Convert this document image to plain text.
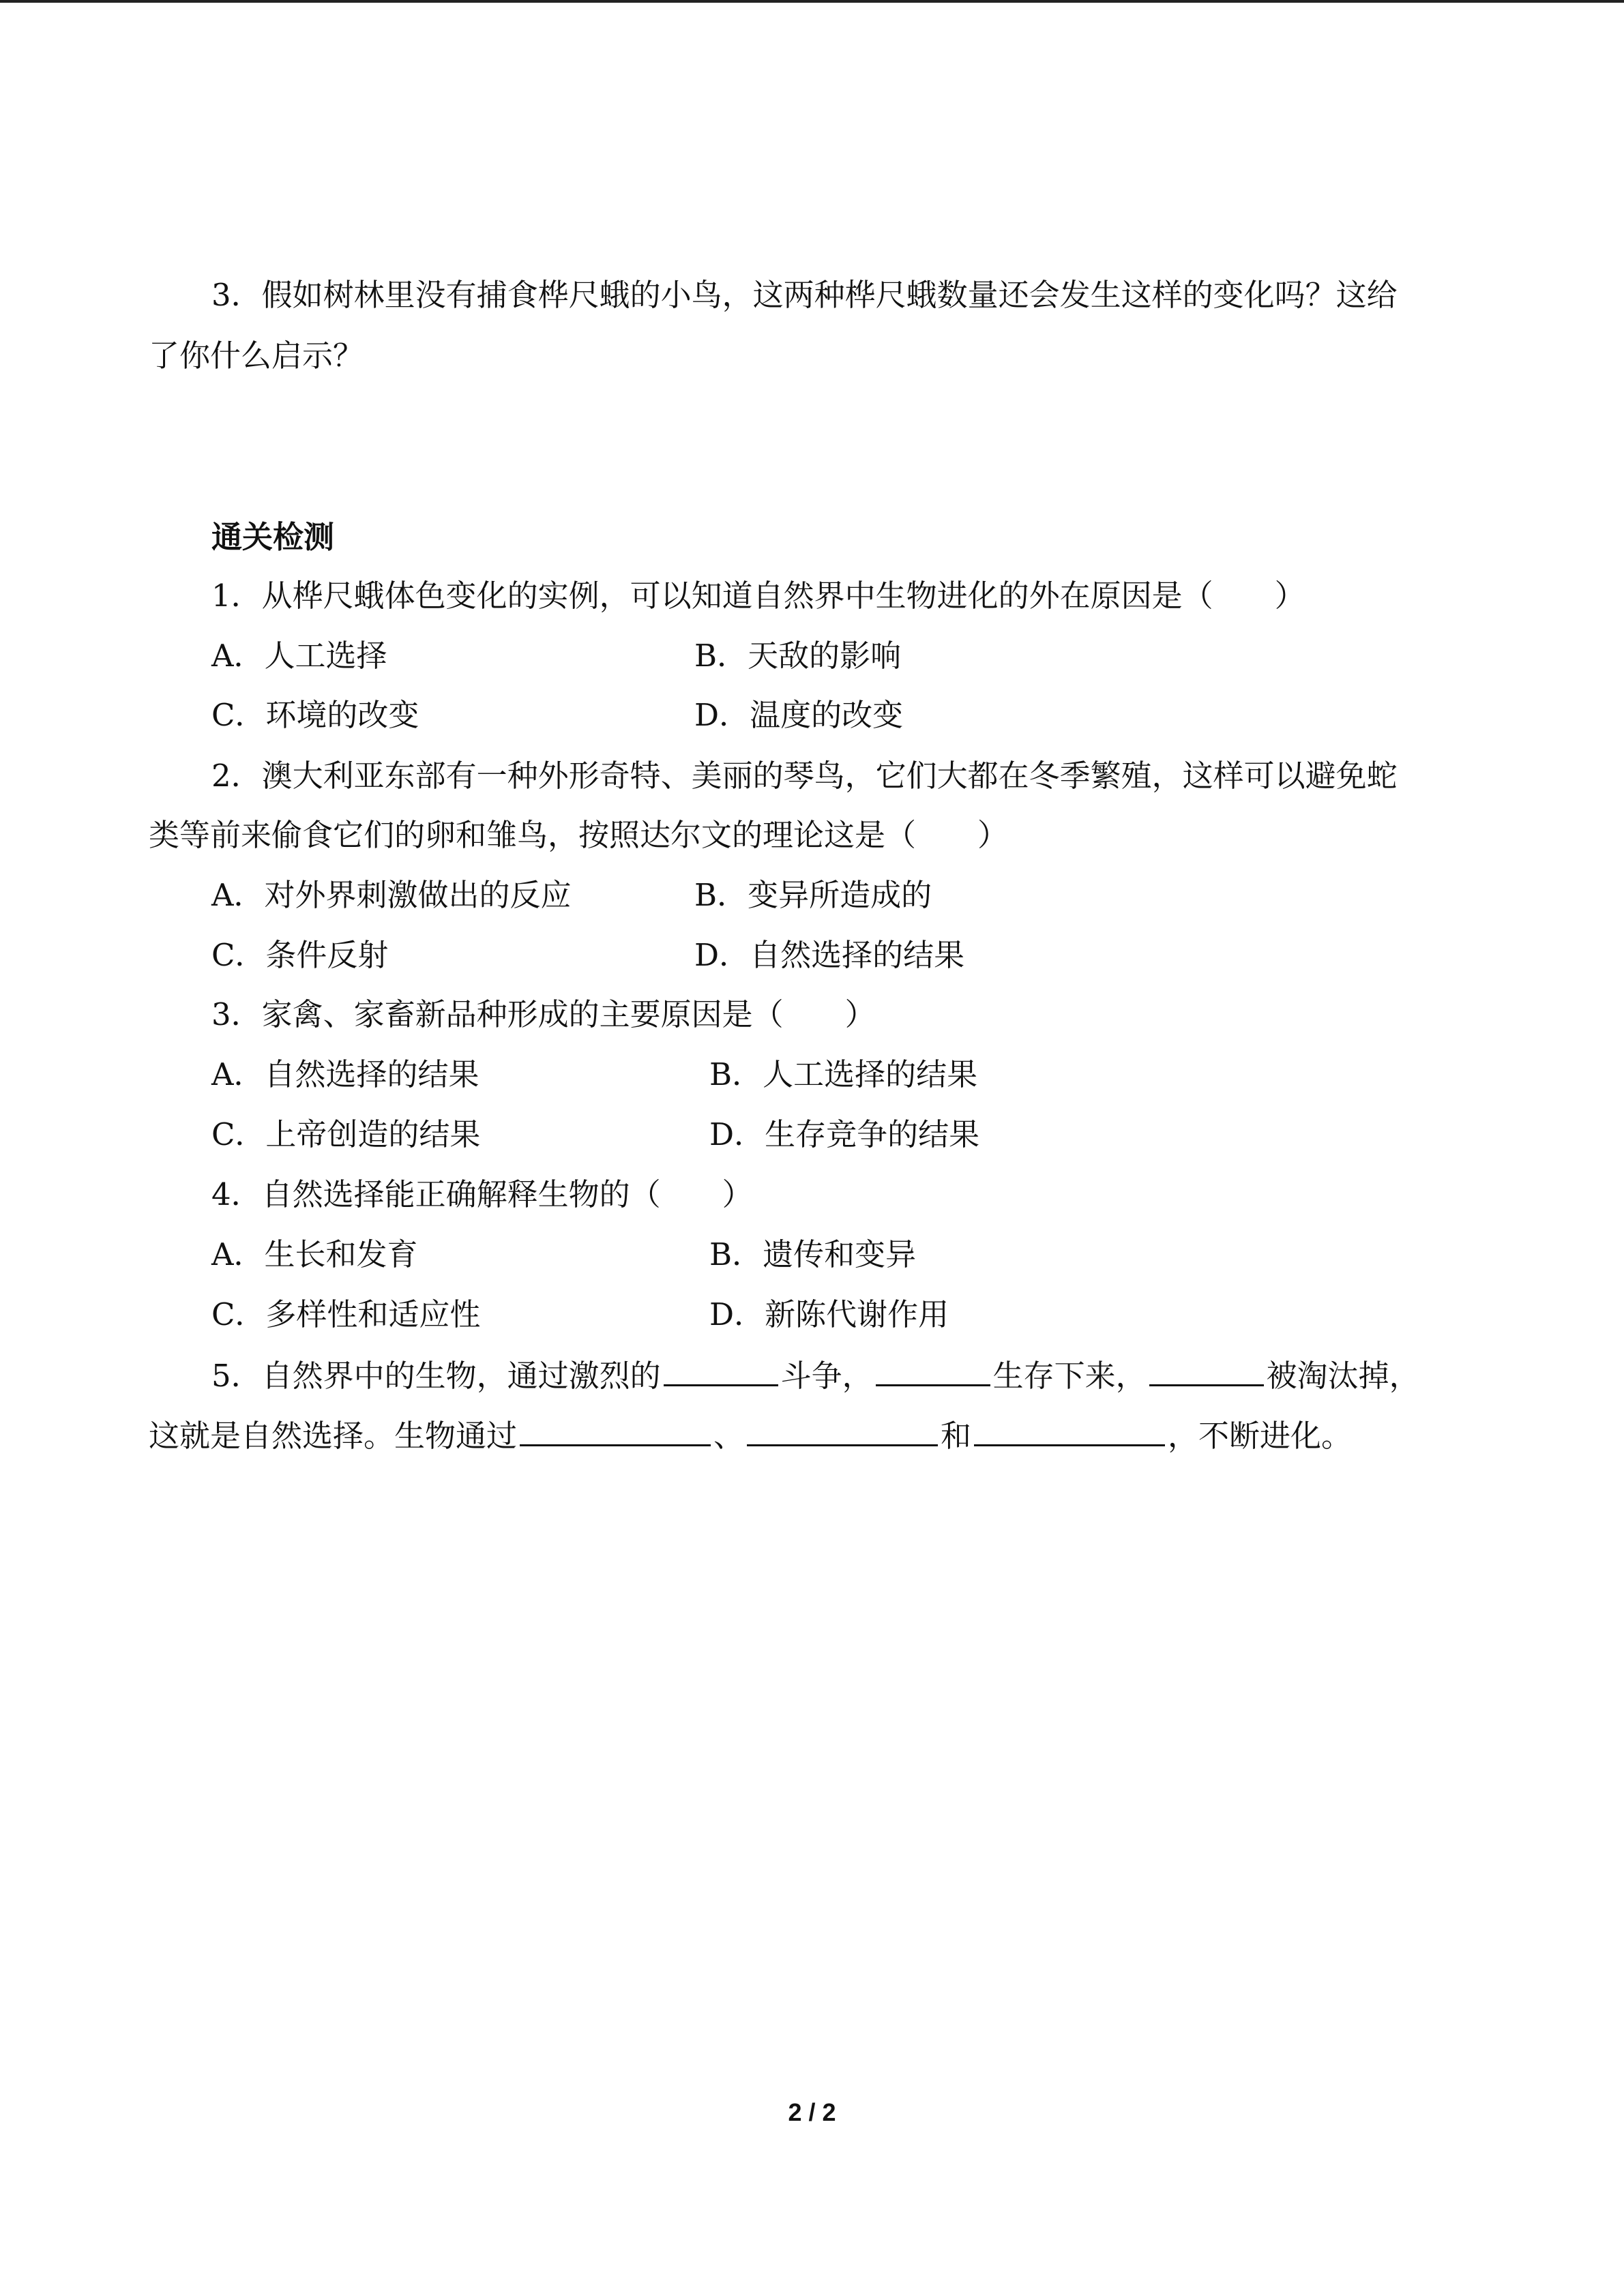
3．假如树林里没有捕食桦尺蛾的小鸟，这两种桦尺蛾数量还会发生这样的变化吗？这给
了你什么启示？
通关检测
1．从桦尺蛾体色变化的实例，可以知道自然界中生物进化的外在原因是（　　）
A．人工选择	B．天敌的影响
C．环境的改变	D．温度的改变
2．澳大利亚东部有一种外形奇特、美丽的琴鸟，它们大都在冬季繁殖，这样可以避免蛇
类等前来偷食它们的卵和雏鸟，按照达尔文的理论这是（　　）
A．对外界刺激做出的反应	B．变异所造成的
C．条件反射	D．自然选择的结果
3．家禽、家畜新品种形成的主要原因是（　　）
A．自然选择的结果	B．人工选择的结果
C．上帝创造的结果	D．生存竞争的结果
4．自然选择能正确解释生物的（　　）
A．生长和发育	B．遗传和变异
C．多样性和适应性	D．新陈代谢作用
5．自然界中的生物，通过激烈的	斗争，	生存下来，	被淘汰掉，
这就是自然选择。生物通过	、	和	，不断进化。
2 / 2
